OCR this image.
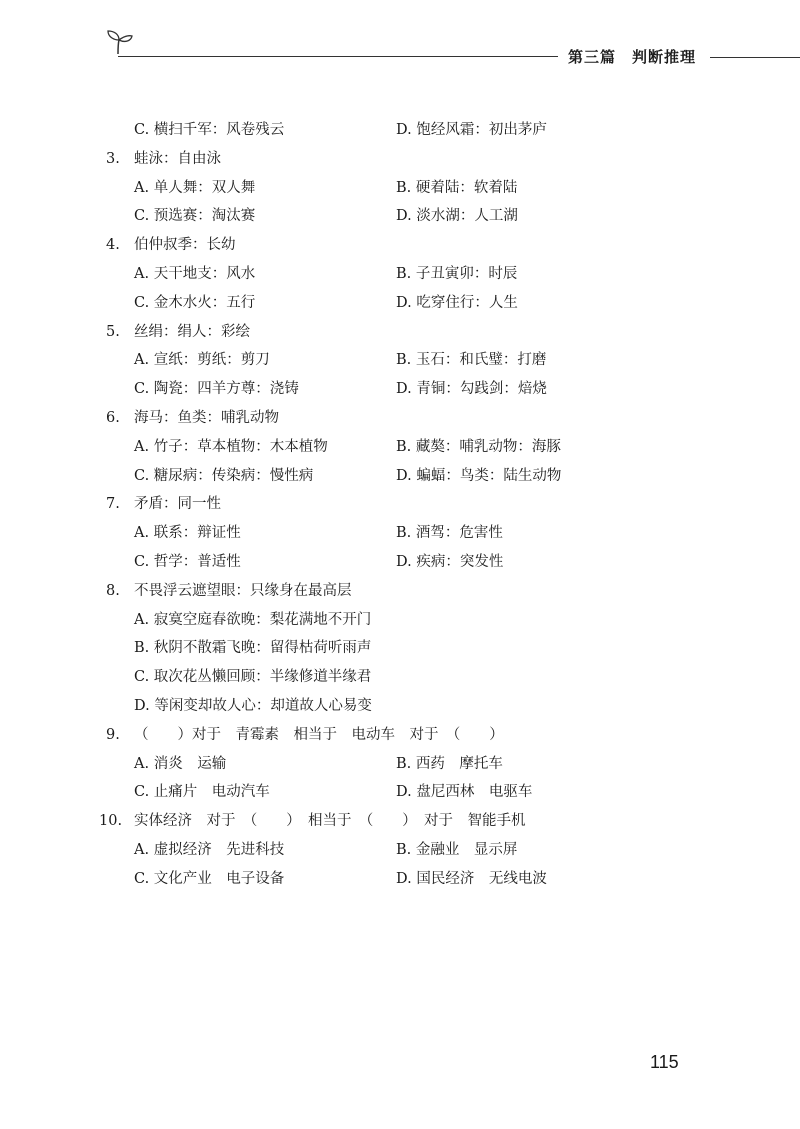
第三篇　判断推理
C. 横扫千军：风卷残云	D. 饱经风霜：初出茅庐
3. 蛙泳：自由泳
A. 单人舞：双人舞	B. 硬着陆：软着陆
C. 预选赛：淘汰赛	D. 淡水湖：人工湖
4. 伯仲叔季：长幼
A. 天干地支：风水	B. 子丑寅卯：时辰
C. 金木水火：五行	D. 吃穿住行：人生
5. 丝绢：绢人：彩绘
A. 宣纸：剪纸：剪刀	B. 玉石：和氏璧：打磨
C. 陶瓷：四羊方尊：浇铸	D. 青铜：勾践剑：焙烧
6. 海马：鱼类：哺乳动物
A. 竹子：草本植物：木本植物	B. 藏獒：哺乳动物：海豚
C. 糖尿病：传染病：慢性病	D. 蝙蝠：鸟类：陆生动物
7. 矛盾：同一性
A. 联系：辩证性	B. 酒驾：危害性
C. 哲学：普适性	D. 疾病：突发性
8. 不畏浮云遮望眼：只缘身在最高层
A. 寂寞空庭春欲晚：梨花满地不开门
B. 秋阴不散霜飞晚：留得枯荷听雨声
C. 取次花丛懒回顾：半缘修道半缘君
D. 等闲变却故人心：却道故人心易变
9. （　　）对于　青霉素　相当于　电动车　对于　（　　）
A. 消炎　运输	B. 西药　摩托车
C. 止痛片　电动汽车	D. 盘尼西林　电驱车
10. 实体经济　对于　（　　）　相当于　（　　）　对于　智能手机
A. 虚拟经济　先进科技	B. 金融业　显示屏
C. 文化产业　电子设备	D. 国民经济　无线电波
115
